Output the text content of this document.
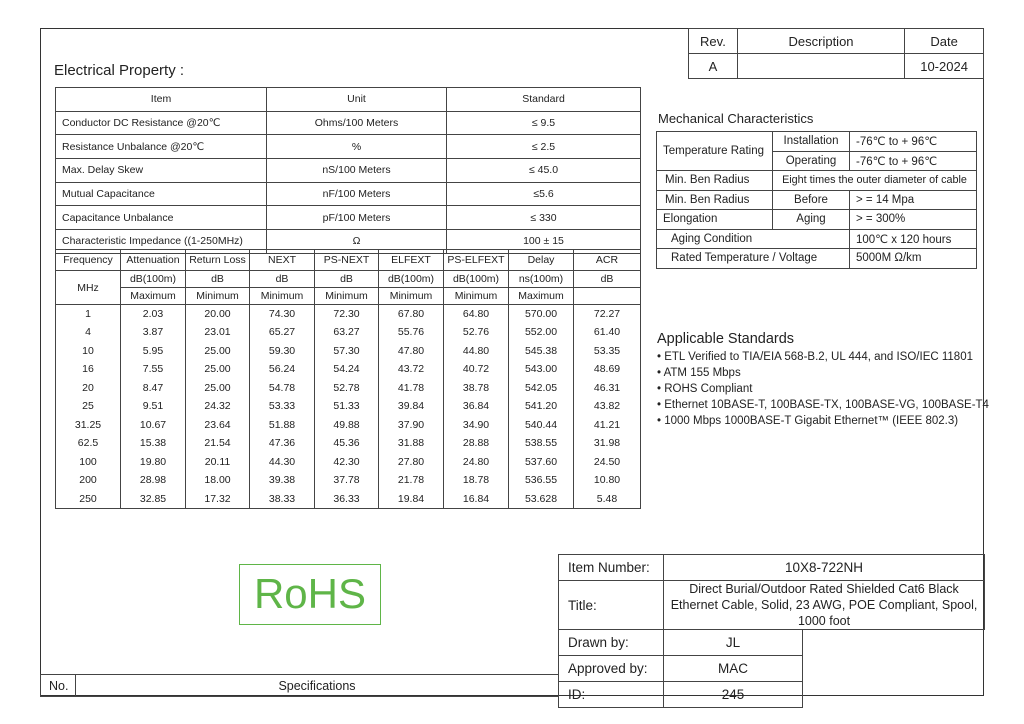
Rev.	Description	Date
A		10-2024
Electrical Property :
Item	Unit	Standard
Conductor DC Resistance @20℃	Ohms/100 Meters	≤ 9.5
Resistance Unbalance @20℃	%	≤ 2.5
Max. Delay Skew	nS/100 Meters	≤ 45.0
Mutual Capacitance	nF/100 Meters	≤5.6
Capacitance Unbalance	pF/100 Meters	≤ 330
Characteristic Impedance ((1-250MHz)	Ω	100 ± 15
Frequency	Attenuation	Return Loss	NEXT	PS-NEXT	ELFEXT	PS-ELFEXT	Delay	ACR
MHz	dB(100m)	dB	dB	dB	dB(100m)	dB(100m)	ns(100m)	dB
	Maximum	Minimum	Minimum	Minimum	Minimum	Minimum	Maximum	
1	2.03	20.00	74.30	72.30	67.80	64.80	570.00	72.27
4	3.87	23.01	65.27	63.27	55.76	52.76	552.00	61.40
10	5.95	25.00	59.30	57.30	47.80	44.80	545.38	53.35
16	7.55	25.00	56.24	54.24	43.72	40.72	543.00	48.69
20	8.47	25.00	54.78	52.78	41.78	38.78	542.05	46.31
25	9.51	24.32	53.33	51.33	39.84	36.84	541.20	43.82
31.25	10.67	23.64	51.88	49.88	37.90	34.90	540.44	41.21
62.5	15.38	21.54	47.36	45.36	31.88	28.88	538.55	31.98
100	19.80	20.11	44.30	42.30	27.80	24.80	537.60	24.50
200	28.98	18.00	39.38	37.78	21.78	18.78	536.55	10.80
250	32.85	17.32	38.33	36.33	19.84	16.84	53.628	5.48
Mechanical Characteristics
Temperature Rating	Installation	-76℃ to + 96℃
	Operating	-76℃ to + 96℃
Min. Ben Radius	Eight times the outer diameter of cable	
Min. Ben Radius	Before	> = 14 Mpa
Elongation	Aging	> = 300%
Aging Condition		100℃ x 120 hours
Rated Temperature / Voltage		5000M Ω/km
Applicable Standards
• ETL Verified to TIA/EIA 568-B.2, UL 444, and ISO/IEC 11801
• ATM 155 Mbps
• ROHS Compliant
• Ethernet 10BASE-T, 100BASE-TX, 100BASE-VG, 100BASE-T4
• 1000 Mbps 1000BASE-T Gigabit Ethernet™ (IEEE 802.3)
RoHS
Item Number:	10X8-722NH	
Title:	Direct Burial/Outdoor Rated Shielded Cat6 Black Ethernet Cable, Solid, 23 AWG, POE Compliant, Spool, 1000 foot	
Drawn by:	JL	
Approved by:	MAC	
ID:	245	
No.	Specifications
